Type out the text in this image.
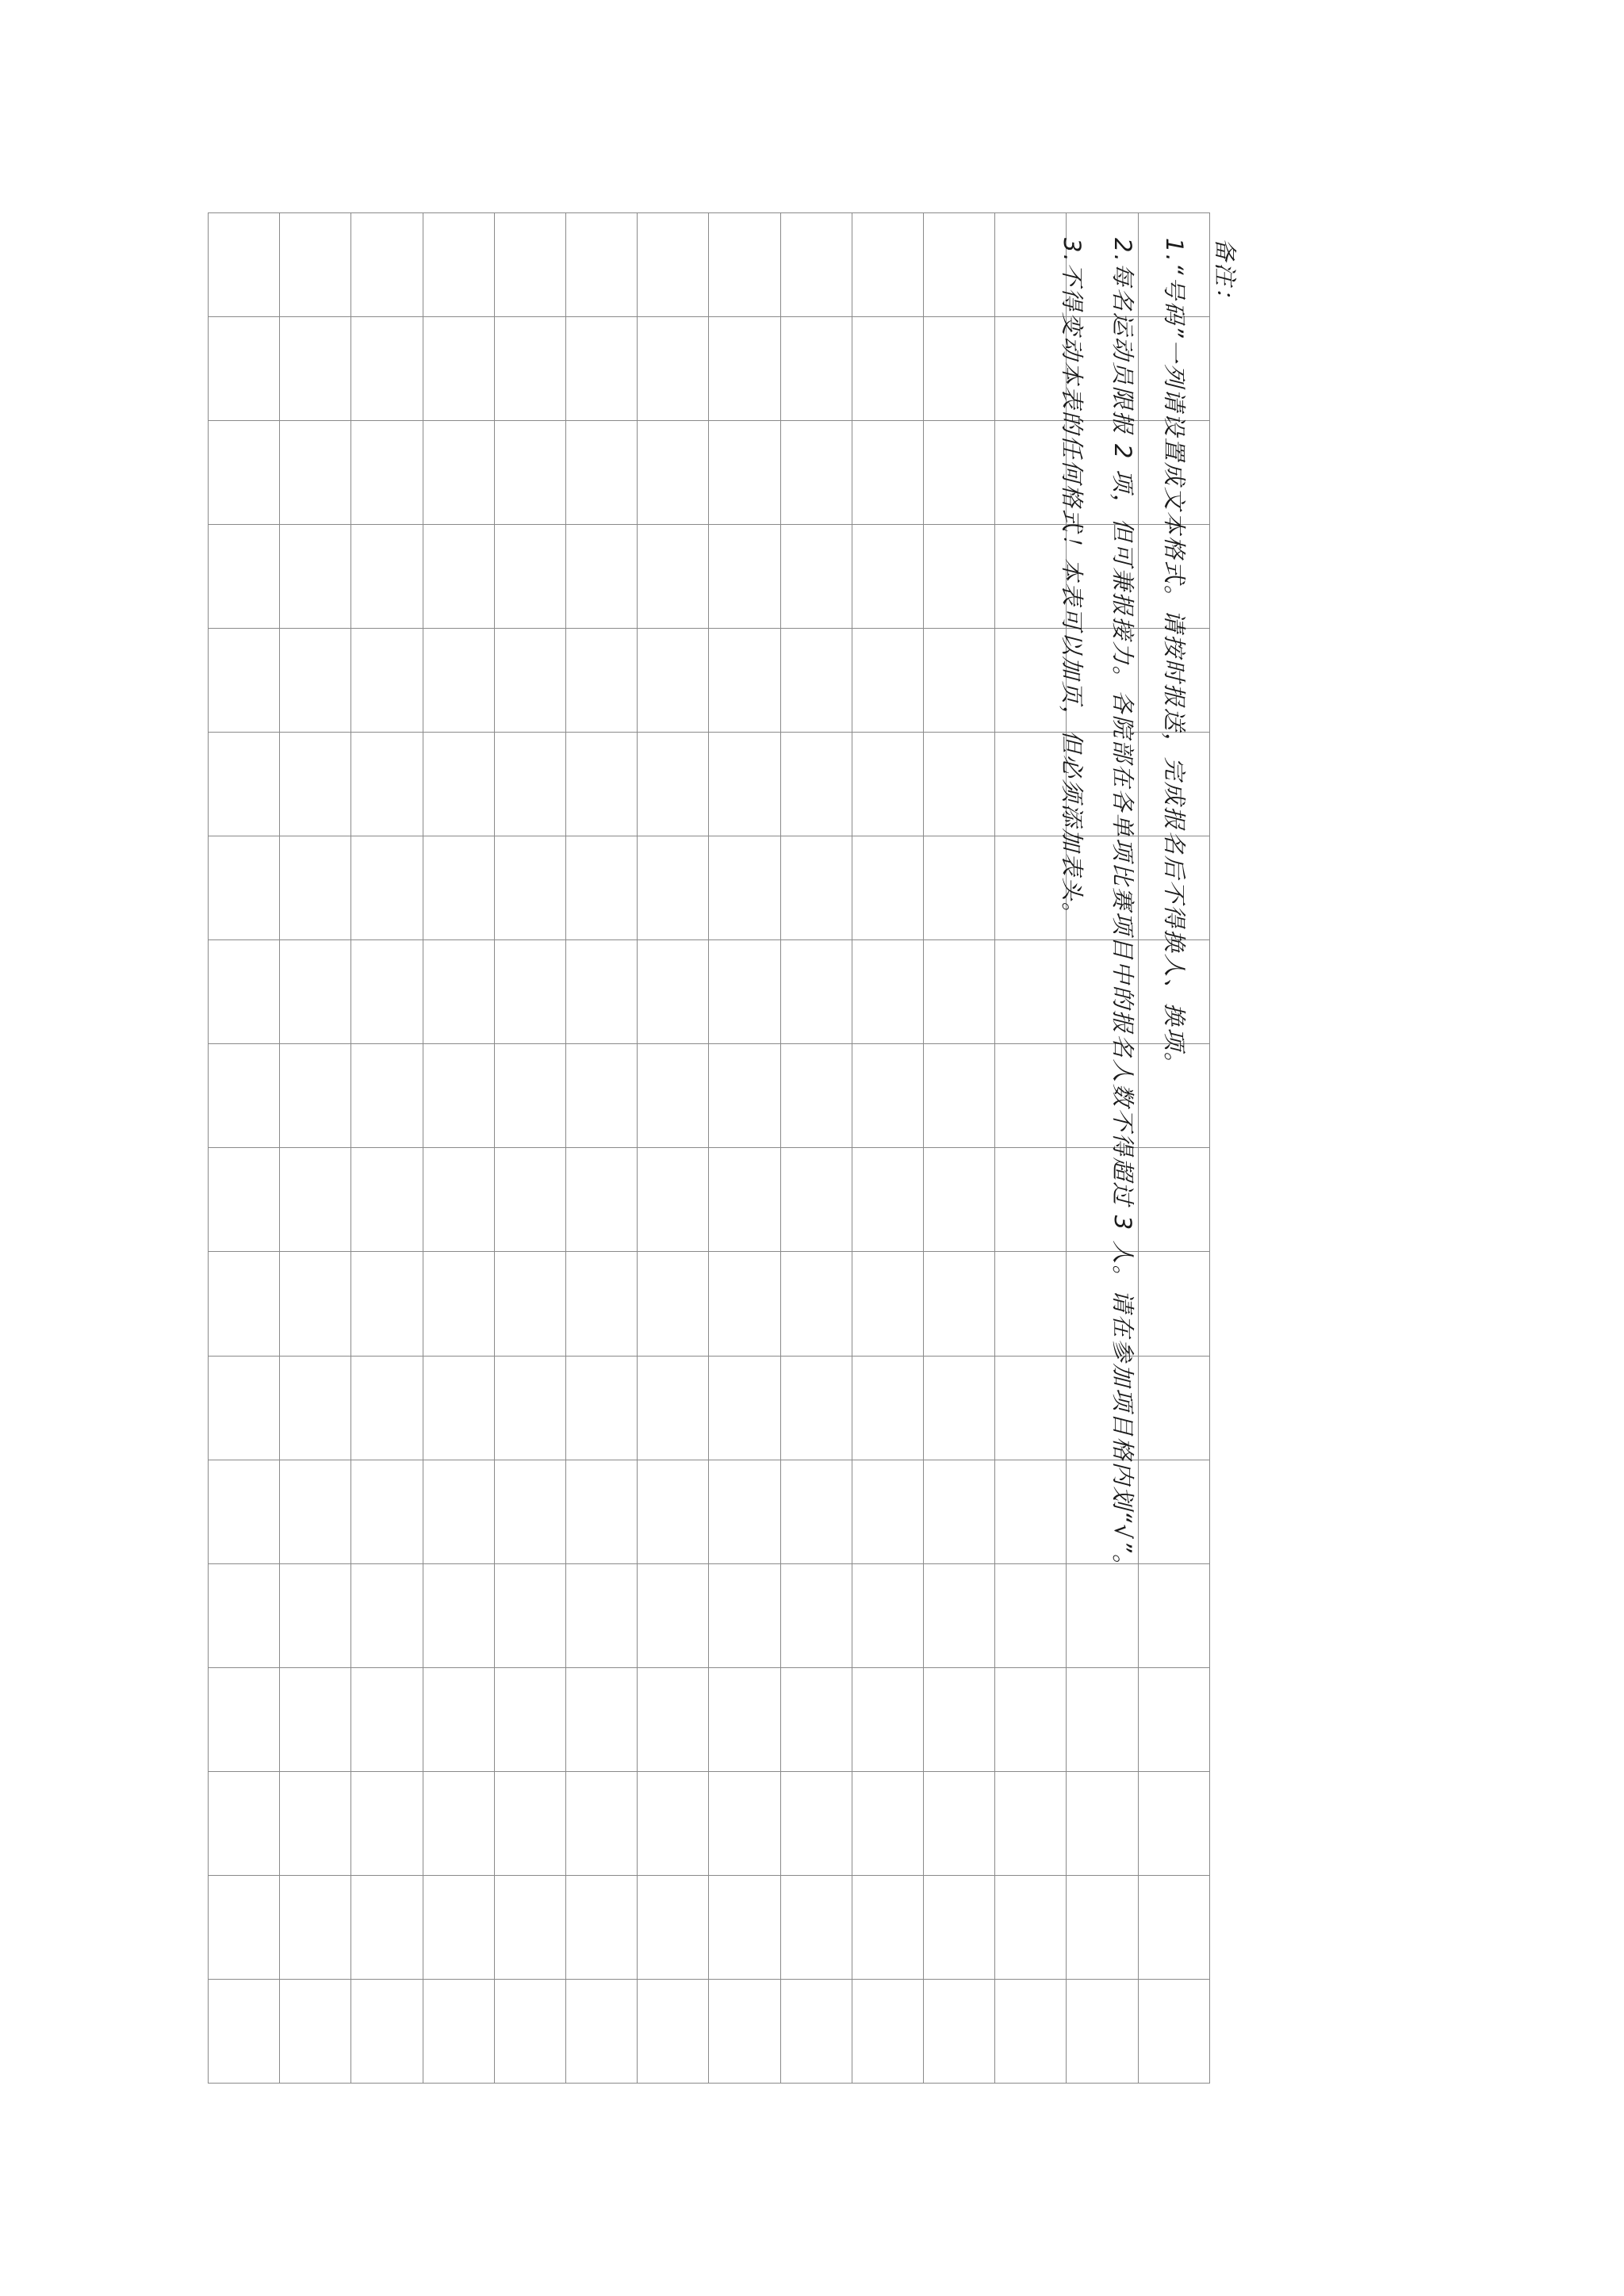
备注：
1.“号码”一列请设置成文本格式。请按时报送，完成报名后不得换人、换项。
2.每名运动员限报 2 项，但可兼报接力。各院部在各单项比赛项目中的报名人数不得超过 3 人。请在参加项目格内划“√”。
3.不得变动本表的任何格式！本表可以加页，但必须添加表头。
